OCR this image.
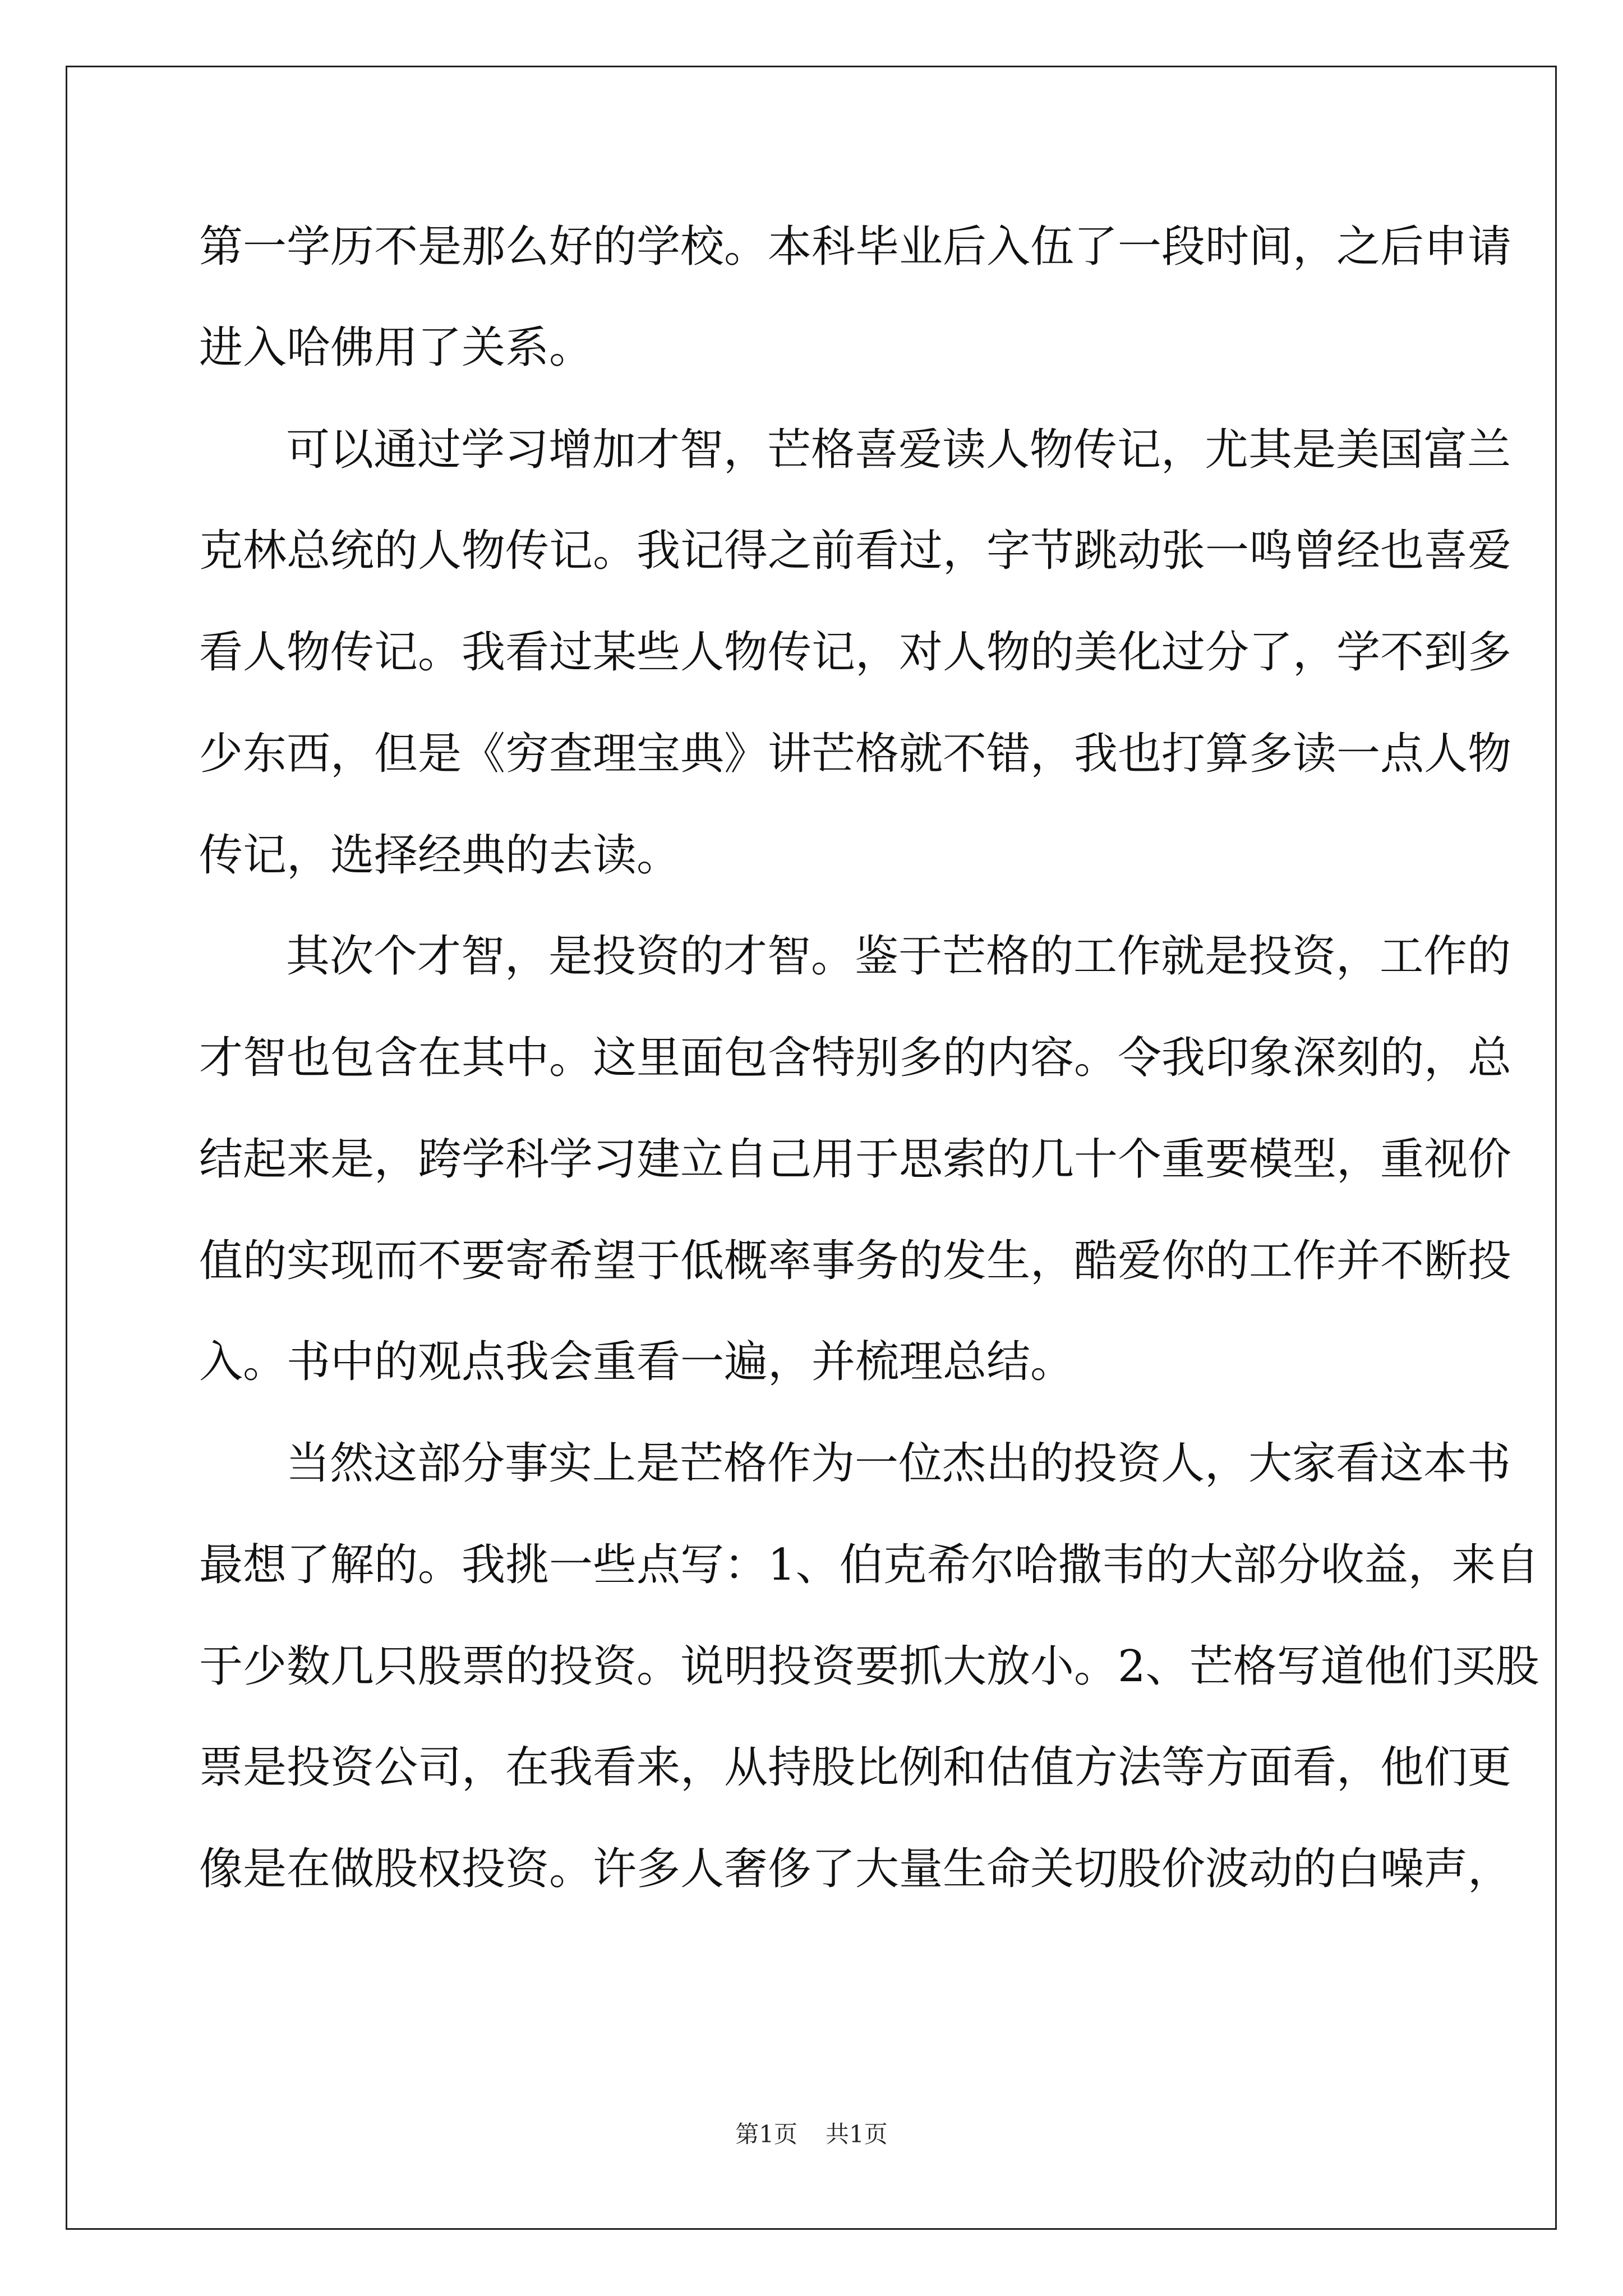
第一学历不是那么好的学校。本科毕业后入伍了一段时间，之后申请
进入哈佛用了关系。
可以通过学习增加才智，芒格喜爱读人物传记，尤其是美国富兰
克林总统的人物传记。我记得之前看过，字节跳动张一鸣曾经也喜爱
看人物传记。我看过某些人物传记，对人物的美化过分了，学不到多
少东西，但是《穷查理宝典》讲芒格就不错，我也打算多读一点人物
传记，选择经典的去读。
其次个才智，是投资的才智。鉴于芒格的工作就是投资，工作的
才智也包含在其中。这里面包含特别多的内容。令我印象深刻的，总
结起来是，跨学科学习建立自己用于思索的几十个重要模型，重视价
值的实现而不要寄希望于低概率事务的发生，酷爱你的工作并不断投
入。书中的观点我会重看一遍，并梳理总结。
当然这部分事实上是芒格作为一位杰出的投资人，大家看这本书
最想了解的。我挑一些点写：1、伯克希尔哈撒韦的大部分收益，来自
于少数几只股票的投资。说明投资要抓大放小。2、芒格写道他们买股
票是投资公司，在我看来，从持股比例和估值方法等方面看，他们更
像是在做股权投资。许多人奢侈了大量生命关切股价波动的白噪声，
第1页 共1页
